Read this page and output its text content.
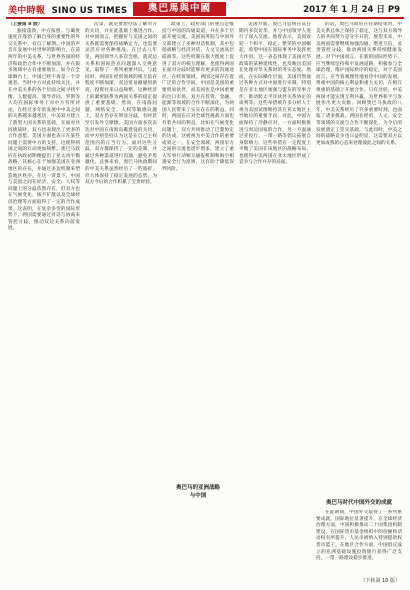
美中時報 SINO US TIMES	奥巴馬與中國	2017 年 1 月 24 日 P9

（上接第 8 版）

独接蓬勃，中方按照。与确度速度在蓬勃了解自身的重要性的外交关系中，有自了解期、中国的声音在发展中对世界的影响力，在前两年的中美关系，与世界各国的经济和政治合作中不断加深，并在很多领域中占有重要地位。如今在全球舞台上，中国已经不再是一个旁观者。当时中方对此持续关注，并在中美关系的各个层面之间寻找平衡。人数提高、领导者同、罗斯等人均在国际事务上对中方有所评论，在经过多年的发展中中美之间的关系越来越密切，中美双方建立了新型大国关系的基础，在面对共同挑战时，双方也表现出了更多的合作意愿。美国方面也表示在某些问题上需要中方的支持，这使得两国之间的互动更加频繁。奥巴马政府在执政初期便提出了亚太再平衡战略，其核心在于加强美国在亚洲地区的存在，并通过多边机制来塑造地区秩序。在这一背景下，中国与美国之间在经济、安全、人权等问题上的分歧依然存在，但双方也在气候变化、核不扩散以及全球经济治理等方面取得了一定的合作成果。这表明，在复杂多变的国际形势下，两国需要通过对话与协商来管控分歧，推动双边关系向前发展。

次第，就是要想办法了解对方的关切，并在此基础上推进合作。对中国而言，把握好与美国之间的关系既需要保持战略定力，也需要灵活应对各种挑战。在过去八年里，两国领导人多次会晤，就双边关系和国际热点问题深入交换意见，取得了一系列重要共识。与此同时，两国在经贸领域的相互依存程度不断加深，双边贸易额屡创新高，投资往来日益频繁。这种经济上的紧密联系为两国关系的稳定提供了重要基础。然而，在南海问题、网络安全、人权等敏感议题上，双方仍存在明显分歧，有时甚至引发外交摩擦。美国方面多次表达对中国在南海岛礁建设的关切，而中方则坚持认为这是在自己主权范围内的正当行为。面对这些分歧，双方都保持了一定的克制，并通过各种渠道进行沟通，避免矛盾激化。总体来看，奥巴马执政期间的中美关系虽然经历了一些波折，但大体保持了稳定发展的态势，为双方今后的合作积累了宝贵经验。

政策上，政府部门的重点是维持与中国的沟通渠道，并在多个层面开展交流。美国国务院与中国外交部建立了多种对话机制，其中包括战略与经济对话、人文交流高层磋商等。这些机制在很大程度上促进了双方的相互理解，也使得两国在面对分歧时能够有更多的沟通途径。在经贸领域，两国之间存在着广泛的合作空间。中国是美国的重要贸易伙伴，而美国也是中国重要的出口市场。双方在投资、金融、能源等领域的合作不断深化，为两国人民带来了实实在在的利益。同时，两国在应对全球性挑战方面也有着共同的利益，比如在气候变化问题上，双方共同推动了巴黎协定的达成，这被视为中美合作的重要成果之一。在安全领域，两国军方之间的交流也逐步增多，建立了重大军事行动相互通报机制和海空相遇安全行为准则，这有助于降低误判风险。

奥巴马的亚洲战略
与中国

美国方面，奥巴马总统在其任期内多次访华，并与中国领导人进行了深入交流。他曾表示，美国欢迎一个和平、稳定、繁荣的中国崛起，希望中国在国际事务中发挥更大作用。这一表态体现了美国对华政策的某种延续性，也反映出美国在处理对华关系时的务实态度。然而，在实际操作层面，美国仍然通过各种方式对中国进行牵制，特别是在亚太地区加强与盟友的军事合作，推动跨太平洋伙伴关系协定的谈判等。这些举措被许多分析人士视为美国试图维持其在亚太地区主导地位的重要手段。对此，中国方面保持了冷静应对，一方面积极推进与周边国家的合作，另一方面通过亚投行、一带一路等倡议拓展自身影响力。这些举措在一定程度上平衡了美国在该地区的战略布局，也使得中美两国在亚太地区形成了竞争与合作并存的局面。

的话，奥巴马政府在任期结束时，中美关系总体上保持了稳定，这与双方领导人的共同努力是分不开的。展望未来，中美两国需要继续加强沟通，增进互信，妥善管控分歧，推动两国关系持续健康发展。对于中国而言，在新的国际形势下，应当继续坚持和平发展道路，积极参与全球治理，维护国际秩序的稳定。对于美国而言，应当客观理性地看待中国的发展，尊重中国的核心利益和重大关切，在相互尊重的基础上开展合作。只有这样，中美两国才能实现互利共赢，为世界和平与发展作出更大贡献。回顾奥巴马执政的八年，中美关系经历了许多重要时刻，也面临了诸多挑战。两国在经贸、人文、安全等领域的交流与合作不断深化，为今后的发展奠定了坚实基础。与此同时，中美之间的战略竞争也日益明显，这需要双方以更加成熟的心态来处理彼此之间的关系。

奥巴马时代中国外交的成就

在此期间，中国外交取得了一系列重要成就，国际地位显著提升。在全球经济治理方面，中国积极推动二十国集团机制建设，在国际货币基金组织中的份额和话语权有所提升，人民币被纳入特别提款权货币篮子。在地区合作方面，中国倡议成立的亚洲基础设施投资银行获得广泛支持，一带一路建设稳步推进。

（下转第 10 版）
